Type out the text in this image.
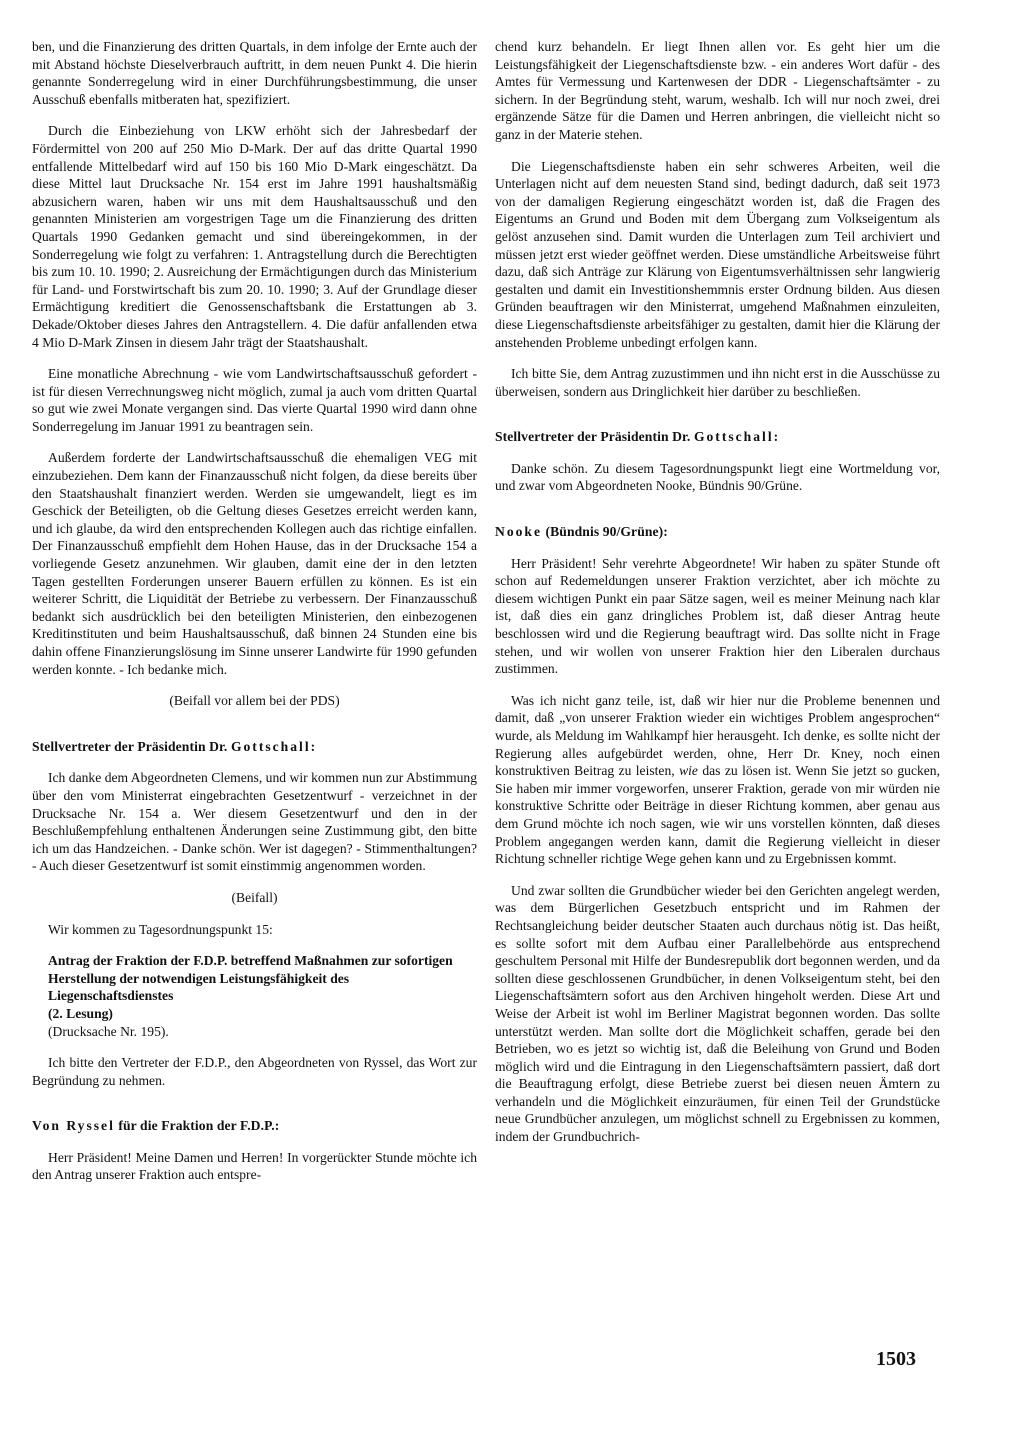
ben, und die Finanzierung des dritten Quartals, in dem infolge der Ernte auch der mit Abstand höchste Dieselverbrauch auftritt, in dem neuen Punkt 4. Die hierin genannte Sonderregelung wird in einer Durchführungsbestimmung, die unser Ausschuß ebenfalls mitberaten hat, spezifiziert.

Durch die Einbeziehung von LKW erhöht sich der Jahresbedarf der Fördermittel von 200 auf 250 Mio D-Mark. Der auf das dritte Quartal 1990 entfallende Mittelbedarf wird auf 150 bis 160 Mio D-Mark eingeschätzt. Da diese Mittel laut Drucksache Nr. 154 erst im Jahre 1991 haushaltsmäßig abzusichern waren, haben wir uns mit dem Haushaltsausschuß und den genannten Ministerien am vorgestrigen Tage um die Finanzierung des dritten Quartals 1990 Gedanken gemacht und sind übereingekommen, in der Sonderregelung wie folgt zu verfahren: 1. Antragstellung durch die Berechtigten bis zum 10. 10. 1990; 2. Ausreichung der Ermächtigungen durch das Ministerium für Land- und Forstwirtschaft bis zum 20. 10. 1990; 3. Auf der Grundlage dieser Ermächtigung kreditiert die Genossenschaftsbank die Erstattungen ab 3. Dekade/Oktober dieses Jahres den Antragstellern. 4. Die dafür anfallenden etwa 4 Mio D-Mark Zinsen in diesem Jahr trägt der Staatshaushalt.

Eine monatliche Abrechnung - wie vom Landwirtschaftsausschuß gefordert - ist für diesen Verrechnungsweg nicht möglich, zumal ja auch vom dritten Quartal so gut wie zwei Monate vergangen sind. Das vierte Quartal 1990 wird dann ohne Sonderregelung im Januar 1991 zu beantragen sein.

Außerdem forderte der Landwirtschaftsausschuß die ehemaligen VEG mit einzubeziehen. Dem kann der Finanzausschuß nicht folgen, da diese bereits über den Staatshaushalt finanziert werden. Werden sie umgewandelt, liegt es im Geschick der Beteiligten, ob die Geltung dieses Gesetzes erreicht werden kann, und ich glaube, da wird den entsprechenden Kollegen auch das richtige einfallen. Der Finanzausschuß empfiehlt dem Hohen Hause, das in der Drucksache 154 a vorliegende Gesetz anzunehmen. Wir glauben, damit eine der in den letzten Tagen gestellten Forderungen unserer Bauern erfüllen zu können. Es ist ein weiterer Schritt, die Liquidität der Betriebe zu verbessern. Der Finanzausschuß bedankt sich ausdrücklich bei den beteiligten Ministerien, den einbezogenen Kreditinstituten und beim Haushaltsausschuß, daß binnen 24 Stunden eine bis dahin offene Finanzierungslösung im Sinne unserer Landwirte für 1990 gefunden werden konnte. - Ich bedanke mich.

(Beifall vor allem bei der PDS)
Stellvertreter der Präsidentin Dr. Gottschall:

Ich danke dem Abgeordneten Clemens, und wir kommen nun zur Abstimmung über den vom Ministerrat eingebrachten Gesetzentwurf - verzeichnet in der Drucksache Nr. 154 a. Wer diesem Gesetzentwurf und den in der Beschlußempfehlung enthaltenen Änderungen seine Zustimmung gibt, den bitte ich um das Handzeichen. - Danke schön. Wer ist dagegen? - Stimmenthaltungen? - Auch dieser Gesetzentwurf ist somit einstimmig angenommen worden.

(Beifall)

Wir kommen zu Tagesordnungspunkt 15:

Antrag der Fraktion der F.D.P. betreffend Maßnahmen zur sofortigen Herstellung der notwendigen Leistungsfähigkeit des Liegenschaftsdienstes
(2. Lesung)
(Drucksache Nr. 195).

Ich bitte den Vertreter der F.D.P., den Abgeordneten von Ryssel, das Wort zur Begründung zu nehmen.

Von Ryssel für die Fraktion der F.D.P.:

Herr Präsident! Meine Damen und Herren! In vorgerückter Stunde möchte ich den Antrag unserer Fraktion auch entspre-

chend kurz behandeln. Er liegt Ihnen allen vor. Es geht hier um die Leistungsfähigkeit der Liegenschaftsdienste bzw. - ein anderes Wort dafür - des Amtes für Vermessung und Kartenwesen der DDR - Liegenschaftsämter - zu sichern. In der Begründung steht, warum, weshalb. Ich will nur noch zwei, drei ergänzende Sätze für die Damen und Herren anbringen, die vielleicht nicht so ganz in der Materie stehen.

Die Liegenschaftsdienste haben ein sehr schweres Arbeiten, weil die Unterlagen nicht auf dem neuesten Stand sind, bedingt dadurch, daß seit 1973 von der damaligen Regierung eingeschätzt worden ist, daß die Fragen des Eigentums an Grund und Boden mit dem Übergang zum Volkseigentum als gelöst anzusehen sind. Damit wurden die Unterlagen zum Teil archiviert und müssen jetzt erst wieder geöffnet werden. Diese umständliche Arbeitsweise führt dazu, daß sich Anträge zur Klärung von Eigentumsverhältnissen sehr langwierig gestalten und damit ein Investitionshemmnis erster Ordnung bilden. Aus diesen Gründen beauftragen wir den Ministerrat, umgehend Maßnahmen einzuleiten, diese Liegenschaftsdienste arbeitsfähiger zu gestalten, damit hier die Klärung der anstehenden Probleme unbedingt erfolgen kann.

Ich bitte Sie, dem Antrag zuzustimmen und ihn nicht erst in die Ausschüsse zu überweisen, sondern aus Dringlichkeit hier darüber zu beschließen.

Stellvertreter der Präsidentin Dr. Gottschall:

Danke schön. Zu diesem Tagesordnungspunkt liegt eine Wortmeldung vor, und zwar vom Abgeordneten Nooke, Bündnis 90/Grüne.

Nooke (Bündnis 90/Grüne):

Herr Präsident! Sehr verehrte Abgeordnete! Wir haben zu später Stunde oft schon auf Redemeldungen unserer Fraktion verzichtet, aber ich möchte zu diesem wichtigen Punkt ein paar Sätze sagen, weil es meiner Meinung nach klar ist, daß dies ein ganz dringliches Problem ist, daß dieser Antrag heute beschlossen wird und die Regierung beauftragt wird. Das sollte nicht in Frage stehen, und wir wollen von unserer Fraktion hier den Liberalen durchaus zustimmen.

Was ich nicht ganz teile, ist, daß wir hier nur die Probleme benennen und damit, daß „von unserer Fraktion wieder ein wichtiges Problem angesprochen“ wurde, als Meldung im Wahlkampf hier herausgeht. Ich denke, es sollte nicht der Regierung alles aufgebürdet werden, ohne, Herr Dr. Kney, noch einen konstruktiven Beitrag zu leisten, wie das zu lösen ist. Wenn Sie jetzt so gucken, Sie haben mir immer vorgeworfen, unserer Fraktion, gerade von mir würden nie konstruktive Schritte oder Beiträge in dieser Richtung kommen, aber genau aus dem Grund möchte ich noch sagen, wie wir uns vorstellen könnten, daß dieses Problem angegangen werden kann, damit die Regierung vielleicht in dieser Richtung schneller richtige Wege gehen kann und zu Ergebnissen kommt.

Und zwar sollten die Grundbücher wieder bei den Gerichten angelegt werden, was dem Bürgerlichen Gesetzbuch entspricht und im Rahmen der Rechtsangleichung beider deutscher Staaten auch durchaus nötig ist. Das heißt, es sollte sofort mit dem Aufbau einer Parallelbehörde aus entsprechend geschultem Personal mit Hilfe der Bundesrepublik dort begonnen werden, und da sollten diese geschlossenen Grundbücher, in denen Volkseigentum steht, bei den Liegenschaftsämtern sofort aus den Archiven hingeholt werden. Diese Art und Weise der Arbeit ist wohl im Berliner Magistrat begonnen worden. Das sollte unterstützt werden. Man sollte dort die Möglichkeit schaffen, gerade bei den Betrieben, wo es jetzt so wichtig ist, daß die Beleihung von Grund und Boden möglich wird und die Eintragung in den Liegenschaftsämtern passiert, daß dort die Beauftragung erfolgt, diese Betriebe zuerst bei diesen neuen Ämtern zu verhandeln und die Möglichkeit einzuräumen, für einen Teil der Grundstücke neue Grundbücher anzulegen, um möglichst schnell zu Ergebnissen zu kommen, indem der Grundbuchrich-

1503
